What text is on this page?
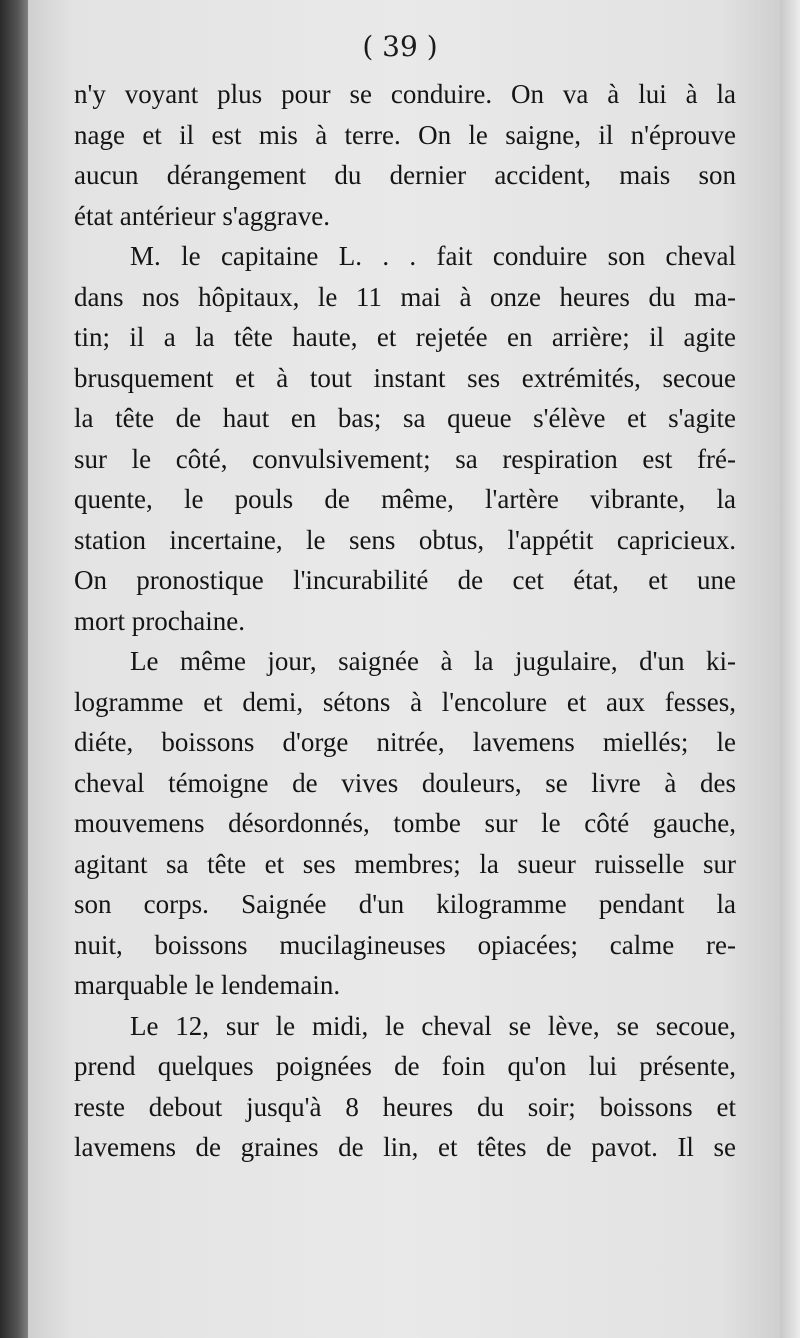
( 39 )
n'y voyant plus pour se conduire. On va à lui à la
nage et il est mis à terre. On le saigne, il n'éprouve
aucun dérangement du dernier accident, mais son
état antérieur s'aggrave.
M. le capitaine L. . . fait conduire son cheval
dans nos hôpitaux, le 11 mai à onze heures du ma-
tin; il a la tête haute, et rejetée en arrière; il agite
brusquement et à tout instant ses extrémités, secoue
la tête de haut en bas; sa queue s'élève et s'agite
sur le côté, convulsivement; sa respiration est fré-
quente, le pouls de même, l'artère vibrante, la
station incertaine, le sens obtus, l'appétit capricieux.
On pronostique l'incurabilité de cet état, et une
mort prochaine.
Le même jour, saignée à la jugulaire, d'un ki-
logramme et demi, sétons à l'encolure et aux fesses,
diéte, boissons d'orge nitrée, lavemens miellés; le
cheval témoigne de vives douleurs, se livre à des
mouvemens désordonnés, tombe sur le côté gauche,
agitant sa tête et ses membres; la sueur ruisselle sur
son corps. Saignée d'un kilogramme pendant la
nuit, boissons mucilagineuses opiacées; calme re-
marquable le lendemain.
Le 12, sur le midi, le cheval se lève, se secoue,
prend quelques poignées de foin qu'on lui présente,
reste debout jusqu'à 8 heures du soir; boissons et
lavemens de graines de lin, et têtes de pavot. Il se
